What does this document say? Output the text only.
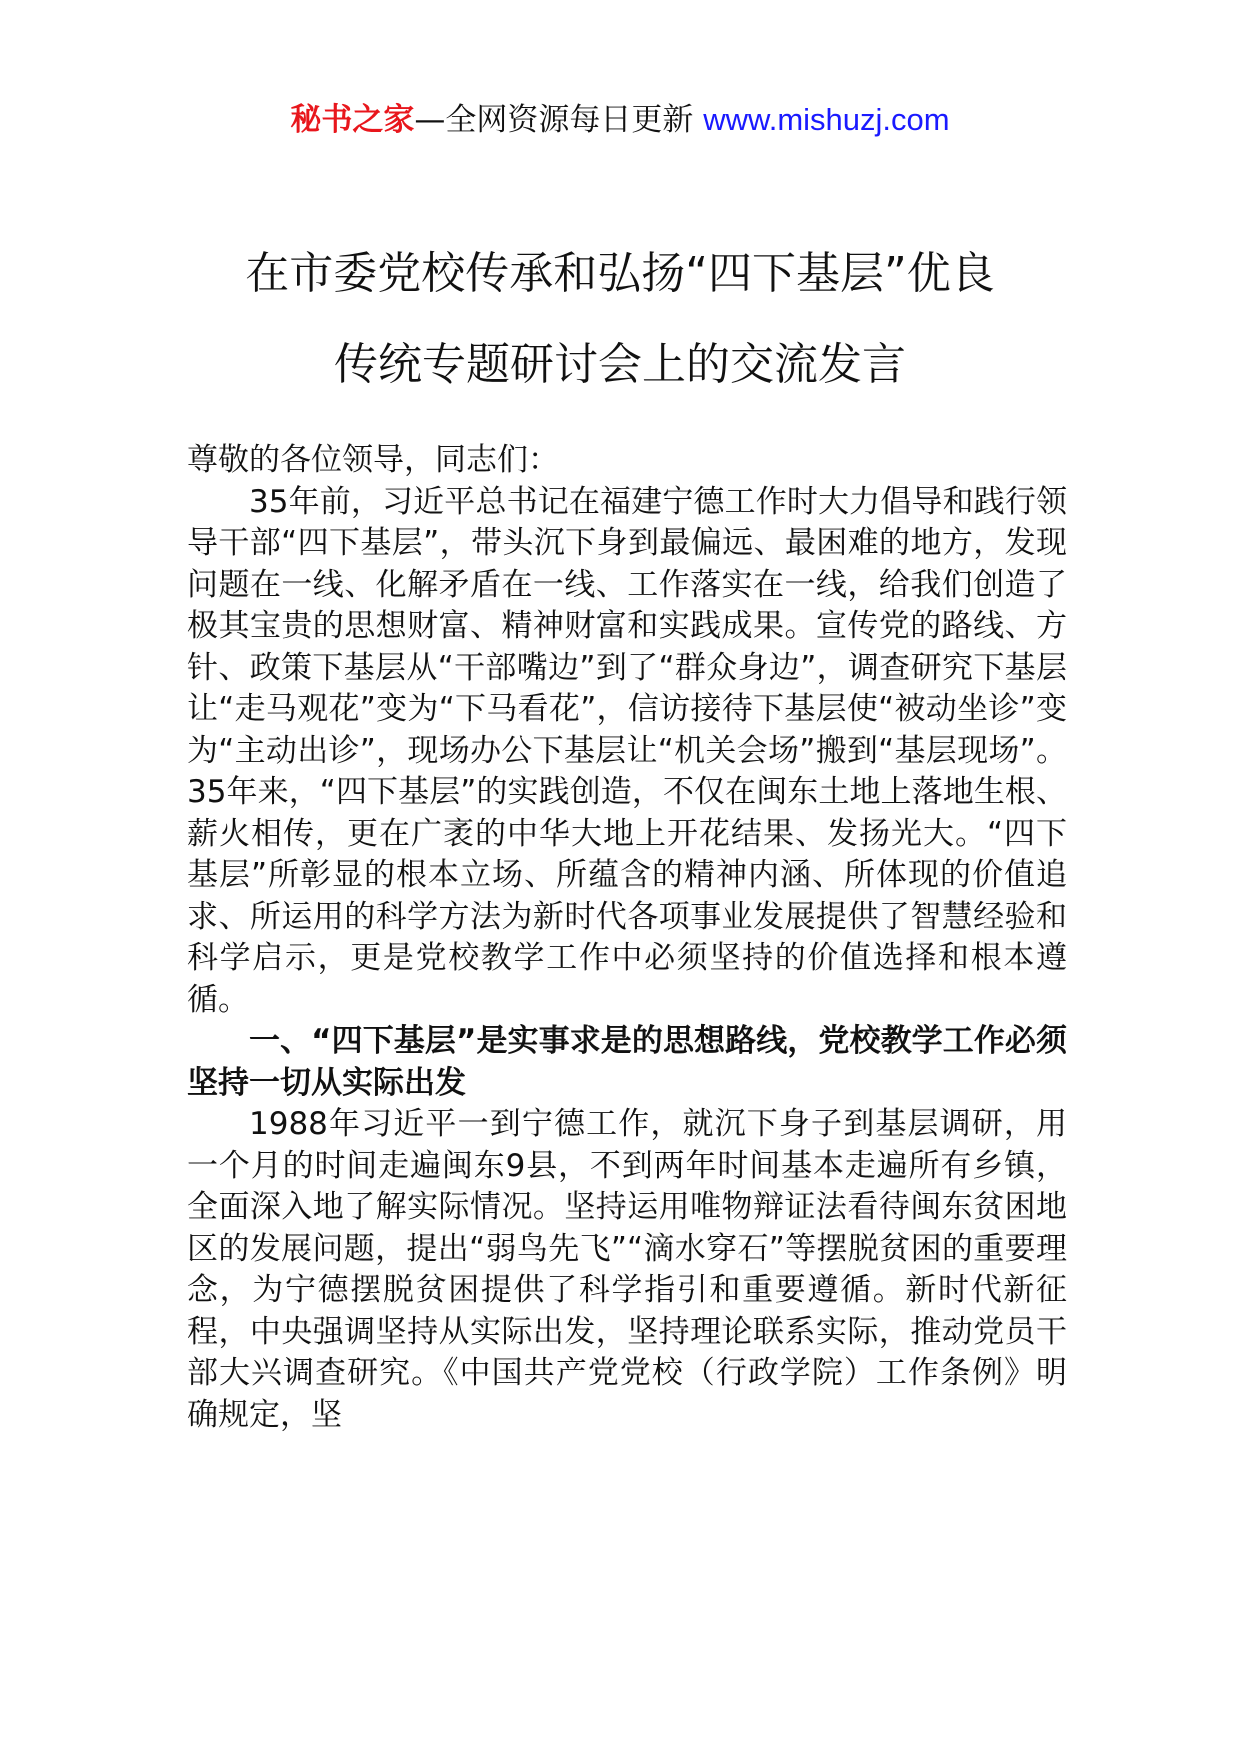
秘书之家—全网资源每日更新 www.mishuzj.com
在市委党校传承和弘扬“四下基层”优良
传统专题研讨会上的交流发言

尊敬的各位领导，同志们：

35年前，习近平总书记在福建宁德工作时大力倡导和践行领导干部“四下基层”，带头沉下身到最偏远、最困难的地方，发现问题在一线、化解矛盾在一线、工作落实在一线，给我们创造了极其宝贵的思想财富、精神财富和实践成果。宣传党的路线、方针、政策下基层从“干部嘴边”到了“群众身边”，调查研究下基层让“走马观花”变为“下马看花”，信访接待下基层使“被动坐诊”变为“主动出诊”，现场办公下基层让“机关会场”搬到“基层现场”。35年来，“四下基层”的实践创造，不仅在闽东土地上落地生根、薪火相传，更在广袤的中华大地上开花结果、发扬光大。“四下基层”所彰显的根本立场、所蕴含的精神内涵、所体现的价值追求、所运用的科学方法为新时代各项事业发展提供了智慧经验和科学启示，更是党校教学工作中必须坚持的价值选择和根本遵循。

一、“四下基层”是实事求是的思想路线，党校教学工作必须坚持一切从实际出发

1988年习近平一到宁德工作，就沉下身子到基层调研，用一个月的时间走遍闽东9县，不到两年时间基本走遍所有乡镇，全面深入地了解实际情况。坚持运用唯物辩证法看待闽东贫困地区的发展问题，提出“弱鸟先飞”“滴水穿石”等摆脱贫困的重要理念，为宁德摆脱贫困提供了科学指引和重要遵循。新时代新征程，中央强调坚持从实际出发，坚持理论联系实际，推动党员干部大兴调查研究。《中国共产党党校（行政学院）工作条例》明确规定，坚
